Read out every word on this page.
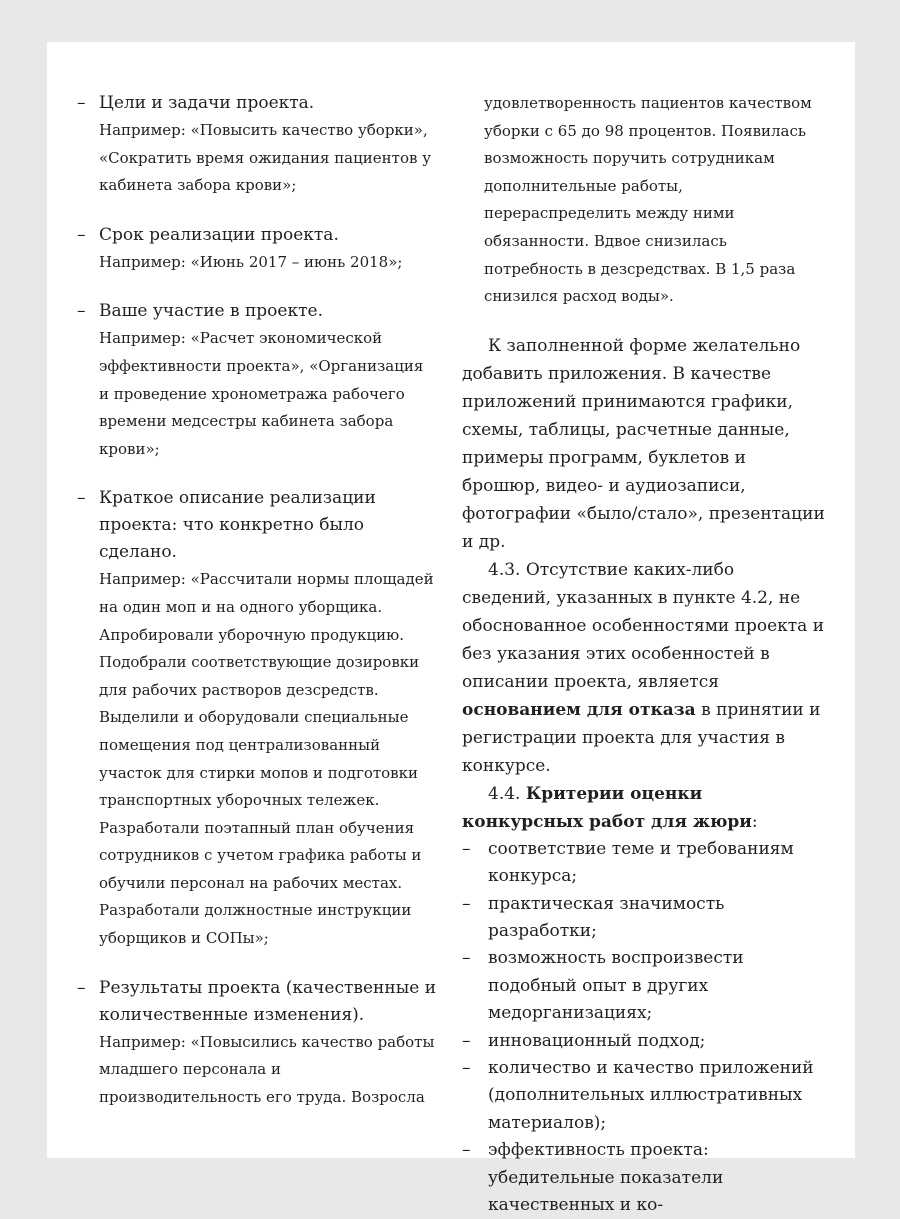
– Цели и задачи проекта.
Например: «Повысить качество уборки», «Сократить время ожидания пациентов у кабинета забора крови»;
– Срок реализации проекта.
Например: «Июнь 2017 – июнь 2018»;
– Ваше участие в проекте.
Например: «Расчет экономической эффективности проекта», «Организация и проведение хронометража рабочего времени медсестры кабинета забора крови»;
– Краткое описание реализации проекта: что конкретно было сделано.
Например: «Рассчитали нормы площадей на один моп и на одного уборщика. Апробировали уборочную продукцию. Подобрали соответствующие дозировки для рабочих растворов дезсредств. Выделили и оборудовали специальные помещения под централизованный участок для стирки мопов и подготовки транспортных уборочных тележек. Разработали поэтапный план обучения сотрудников с учетом графика работы и обучили персонал на рабочих местах. Разработали должностные инструкции уборщиков и СОПы»;
– Результаты проекта (качественные и количественные изменения).
Например: «Повысились качество работы младшего персонала и производительность его труда. Возросла

удовлетворенность пациентов качеством уборки с 65 до 98 процентов. Появилась возможность поручить сотрудникам дополнительные работы, перераспределить между ними обязанности. Вдвое снизилась потребность в дезсредствах. В 1,5 раза снизился расход воды».

К заполненной форме желательно добавить приложения. В качестве приложений принимаются графики, схемы, таблицы, расчетные данные, примеры программ, буклетов и брошюр, видео- и аудиозаписи, фотографии «было/стало», презентации и др.

4.3. Отсутствие каких-либо сведений, указанных в пункте 4.2, не обоснованное особенностями проекта и без указания этих особенностей в описании проекта, является основанием для отказа в принятии и регистрации проекта для участия в конкурсе.

4.4. Критерии оценки конкурсных работ для жюри:

– соответствие теме и требованиям конкурса;
– практическая значимость разработки;
– возможность воспроизвести подобный опыт в других медорганизациях;
– инновационный подход;
– количество и качество приложений (дополнительных иллюстративных материалов);
– эффективность проекта: убедительные показатели качественных и ко-
